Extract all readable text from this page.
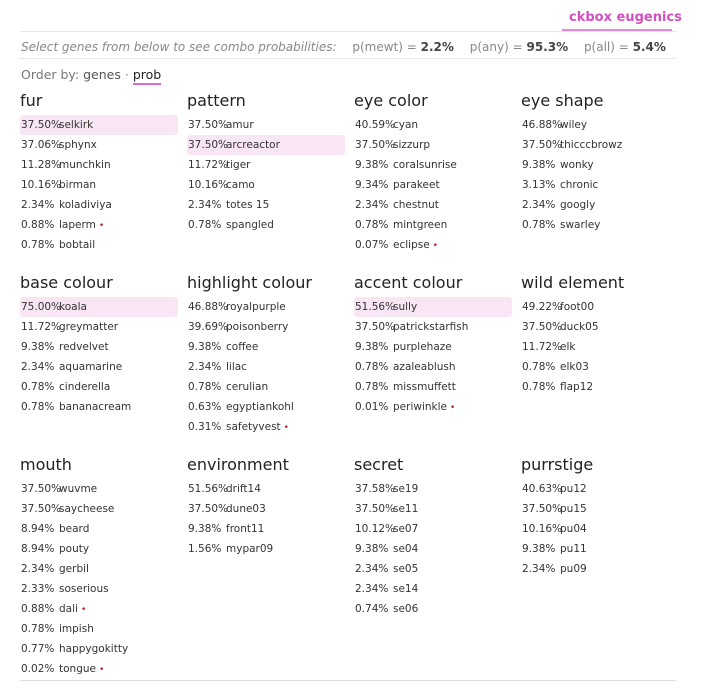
ckbox eugenics
Select genes from below to see combo probabilities: p(mewt) = 2.2% p(any) = 95.3% p(all) = 5.4%
Order by: genes · prob
fur
37.50%selkirk
37.06%sphynx
11.28%munchkin
10.16%birman
2.34% koladiviya
0.88% laperm •
0.78% bobtail
pattern
37.50%amur
37.50%arcreactor
11.72%tiger
10.16%camo
2.34% totes 15
0.78% spangled
eye color
40.59%cyan
37.50%sizzurp
9.38% coralsunrise
9.34% parakeet
2.34% chestnut
0.78% mintgreen
0.07% eclipse •
eye shape
46.88%wiley
37.50%thicccbrowz
9.38% wonky
3.13% chronic
2.34% googly
0.78% swarley
base colour
75.00%koala
11.72%greymatter
9.38% redvelvet
2.34% aquamarine
0.78% cinderella
0.78% bananacream
highlight colour
46.88%royalpurple
39.69%poisonberry
9.38% coffee
2.34% lilac
0.78% cerulian
0.63% egyptiankohl
0.31% safetyvest •
accent colour
51.56%sully
37.50%patrickstarfish
9.38% purplehaze
0.78% azaleablush
0.78% missmuffett
0.01% periwinkle •
wild element
49.22%foot00
37.50%duck05
11.72%elk
0.78% elk03
0.78% flap12
mouth
37.50%wuvme
37.50%saycheese
8.94% beard
8.94% pouty
2.34% gerbil
2.33% soserious
0.88% dali •
0.78% impish
0.77% happygokitty
0.02% tongue •
environment
51.56%drift14
37.50%dune03
9.38% front11
1.56% mypar09
secret
37.58%se19
37.50%se11
10.12%se07
9.38% se04
2.34% se05
2.34% se14
0.74% se06
purrstige
40.63%pu12
37.50%pu15
10.16%pu04
9.38% pu11
2.34% pu09
